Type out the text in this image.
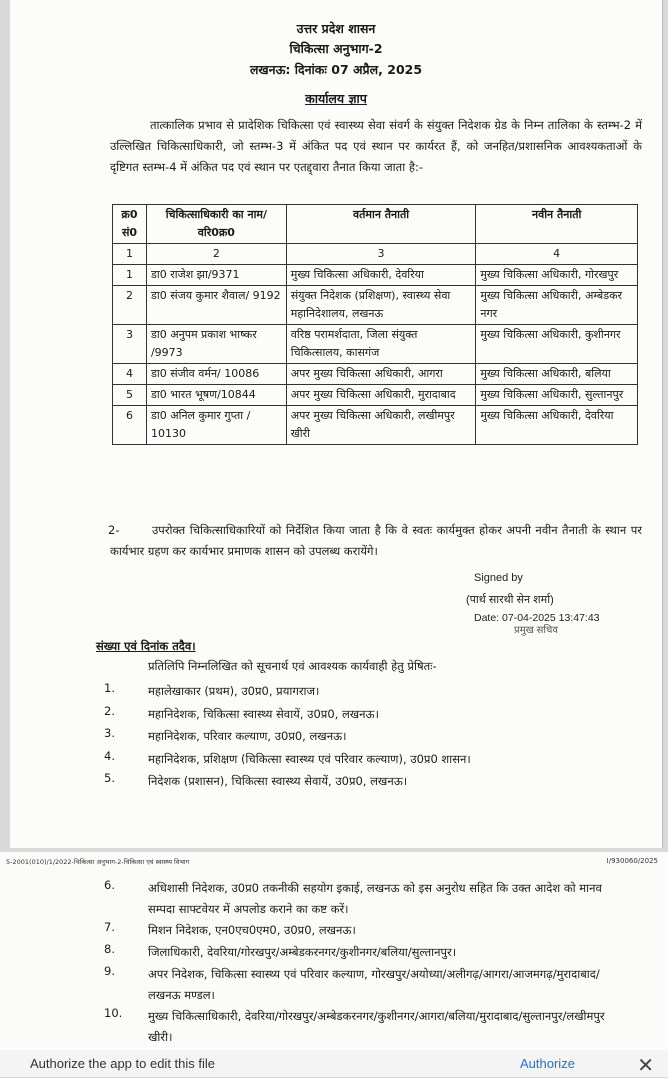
उत्तर प्रदेश शासन
चिकित्सा अनुभाग-2
लखनऊ: दिनांकः 07 अप्रैल, 2025
कार्यालय ज्ञाप
तात्कालिक प्रभाव से प्रादेशिक चिकित्सा एवं स्वास्थ्य सेवा संवर्ग के संयुक्त निदेशक ग्रेड के निम्न तालिका के स्तम्भ-2 में उल्लिखित चिकित्साधिकारी, जो स्तम्भ-3 में अंकित पद एवं स्थान पर कार्यरत हैं, को जनहित/प्रशासनिक आवश्यकताओं के दृष्टिगत स्तम्भ-4 में अंकित पद एवं स्थान पर एतद्द्वारा तैनात किया जाता है:-
क्र0 सं0	चिकित्साधिकारी का नाम/ वरि0क्र0	वर्तमान तैनाती	नवीन तैनाती
1	2	3	4
1	डा0 राजेश झा/9371	मुख्य चिकित्सा अधिकारी, देवरिया	मुख्य चिकित्सा अधिकारी, गोरखपुर
2	डा0 संजय कुमार शैवाल/ 9192	संयुक्त निदेशक (प्रशिक्षण), स्वास्थ्य सेवा महानिदेशालय, लखनऊ	मुख्य चिकित्सा अधिकारी, अम्बेडकर नगर
3	डा0 अनुपम प्रकाश भाष्कर /9973	वरिष्ठ परामर्शदाता, जिला संयुक्त चिकित्सालय, कासगंज	मुख्य चिकित्सा अधिकारी, कुशीनगर
4	डा0 संजीव वर्मन/ 10086	अपर मुख्य चिकित्सा अधिकारी, आगरा	मुख्य चिकित्सा अधिकारी, बलिया
5	डा0 भारत भूषण/10844	अपर मुख्य चिकित्सा अधिकारी, मुरादाबाद	मुख्य चिकित्सा अधिकारी, सुल्तानपुर
6	डा0 अनिल कुमार गुप्ता / 10130	अपर मुख्य चिकित्सा अधिकारी, लखीमपुर खीरी	मुख्य चिकित्सा अधिकारी, देवरिया
2-	उपरोक्त चिकित्साधिकारियों को निर्देशित किया जाता है कि वे स्वतः कार्यमुक्त होकर अपनी नवीन तैनाती के स्थान पर कार्यभार ग्रहण कर कार्यभार प्रमाणक शासन को उपलब्ध करायेंगे।
Signed by
(पार्थ सारथी सेन शर्मा)
Date: 07-04-2025 13:47:43
प्रमुख सचिव
संख्या एवं दिनांक तदैव।
प्रतिलिपि निम्नलिखित को सूचनार्थ एवं आवश्यक कार्यवाही हेतु प्रेषितः-
1.	महालेखाकार (प्रथम), उ0प्र0, प्रयागराज।
2.	महानिदेशक, चिकित्सा स्वास्थ्य सेवायें, उ0प्र0, लखनऊ।
3.	महानिदेशक, परिवार कल्याण, उ0प्र0, लखनऊ।
4.	महानिदेशक, प्रशिक्षण (चिकित्सा स्वास्थ्य एवं परिवार कल्याण), उ0प्र0 शासन।
5.	निदेशक (प्रशासन), चिकित्सा स्वास्थ्य सेवायें, उ0प्र0, लखनऊ।
5-2001(010)/1/2022-चिकित्सा अनुभाग-2-चिकित्सा एवं स्वास्थ्य विभाग	I/930060/2025
6.	अधिशासी निदेशक, उ0प्र0 तकनीकी सहयोग इकाई, लखनऊ को इस अनुरोध सहित कि उक्त आदेश को मानव सम्पदा साफ्टवेयर में अपलोड कराने का कष्ट करें।
7.	मिशन निदेशक, एन0एच0एम0, उ0प्र0, लखनऊ।
8.	जिलाधिकारी, देवरिया/गोरखपुर/अम्बेडकरनगर/कुशीनगर/बलिया/सुल्तानपुर।
9.	अपर निदेशक, चिकित्सा स्वास्थ्य एवं परिवार कल्याण, गोरखपुर/अयोध्या/अलीगढ़/आगरा/आजमगढ़/मुरादाबाद/लखनऊ मण्डल।
10.	मुख्य चिकित्साधिकारी, देवरिया/गोरखपुर/अम्बेडकरनगर/कुशीनगर/आगरा/बलिया/मुरादाबाद/सुल्तानपुर/लखीमपुर खीरी।
Authorize the app to edit this file	Authorize	✕
